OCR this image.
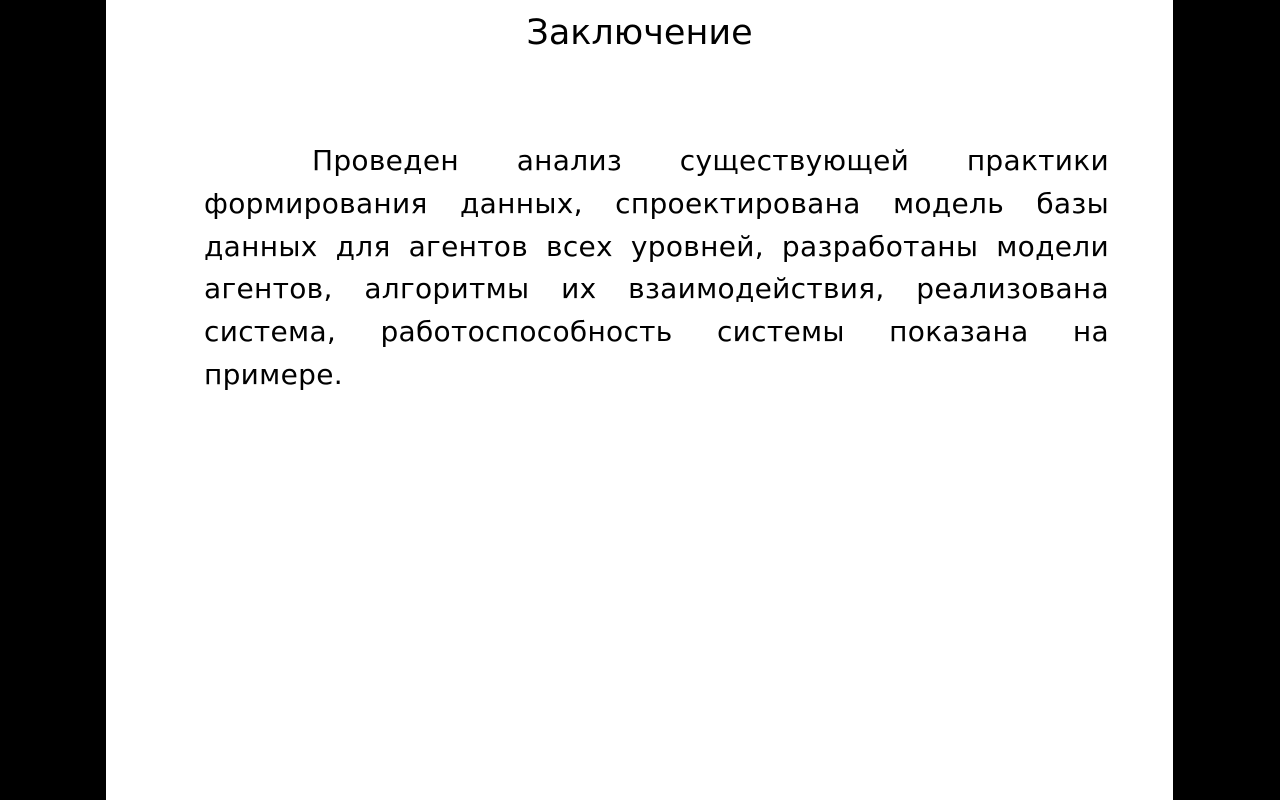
Заключение

Проведен анализ существующей практики формирования данных, спроектирована модель базы данных для агентов всех уровней, разработаны модели агентов, алгоритмы их взаимодействия, реализована система, работоспособность системы показана на примере.
